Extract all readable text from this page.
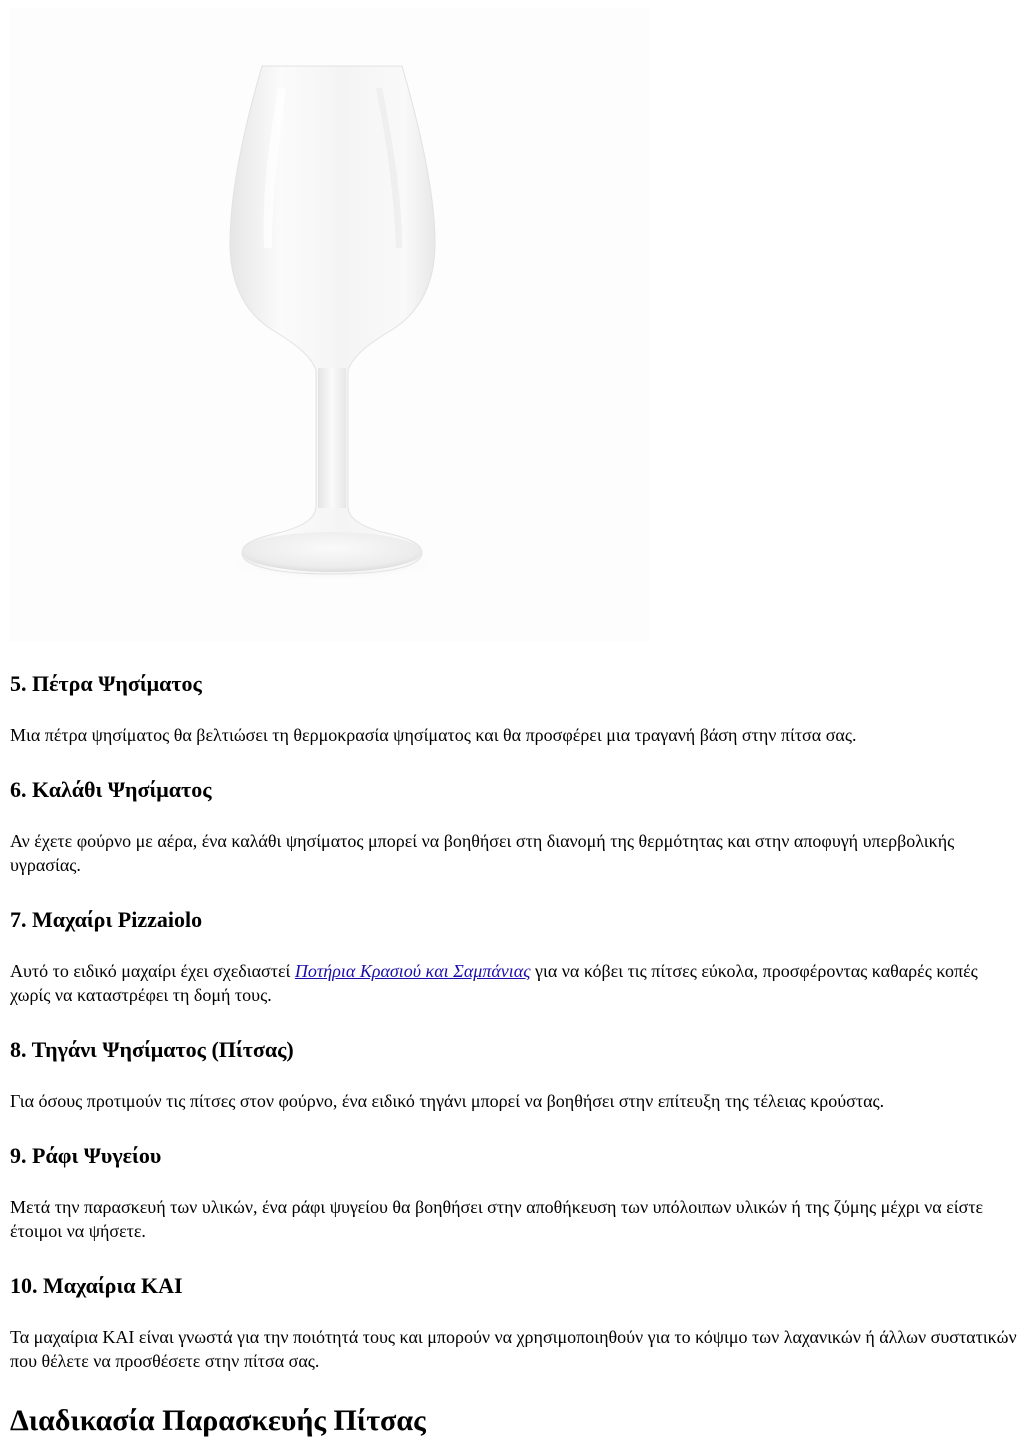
5. Πέτρα Ψησίματος

Μια πέτρα ψησίματος θα βελτιώσει τη θερμοκρασία ψησίματος και θα προσφέρει μια τραγανή βάση στην πίτσα σας.

6. Καλάθι Ψησίματος

Αν έχετε φούρνο με αέρα, ένα καλάθι ψησίματος μπορεί να βοηθήσει στη διανομή της θερμότητας και στην αποφυγή υπερβολικής υγρασίας.

7. Μαχαίρι Pizzaiolo

Αυτό το ειδικό μαχαίρι έχει σχεδιαστεί Ποτήρια Κρασιού και Σαμπάνιας για να κόβει τις πίτσες εύκολα, προσφέροντας καθαρές κοπές χωρίς να καταστρέφει τη δομή τους.

8. Τηγάνι Ψησίματος (Πίτσας)

Για όσους προτιμούν τις πίτσες στον φούρνο, ένα ειδικό τηγάνι μπορεί να βοηθήσει στην επίτευξη της τέλειας κρούστας.

9. Ράφι Ψυγείου

Μετά την παρασκευή των υλικών, ένα ράφι ψυγείου θα βοηθήσει στην αποθήκευση των υπόλοιπων υλικών ή της ζύμης μέχρι να είστε έτοιμοι να ψήσετε.

10. Μαχαίρια KAI

Τα μαχαίρια KAI είναι γνωστά για την ποιότητά τους και μπορούν να χρησιμοποιηθούν για το κόψιμο των λαχανικών ή άλλων συστατικών που θέλετε να προσθέσετε στην πίτσα σας.

Διαδικασία Παρασκευής Πίτσας
